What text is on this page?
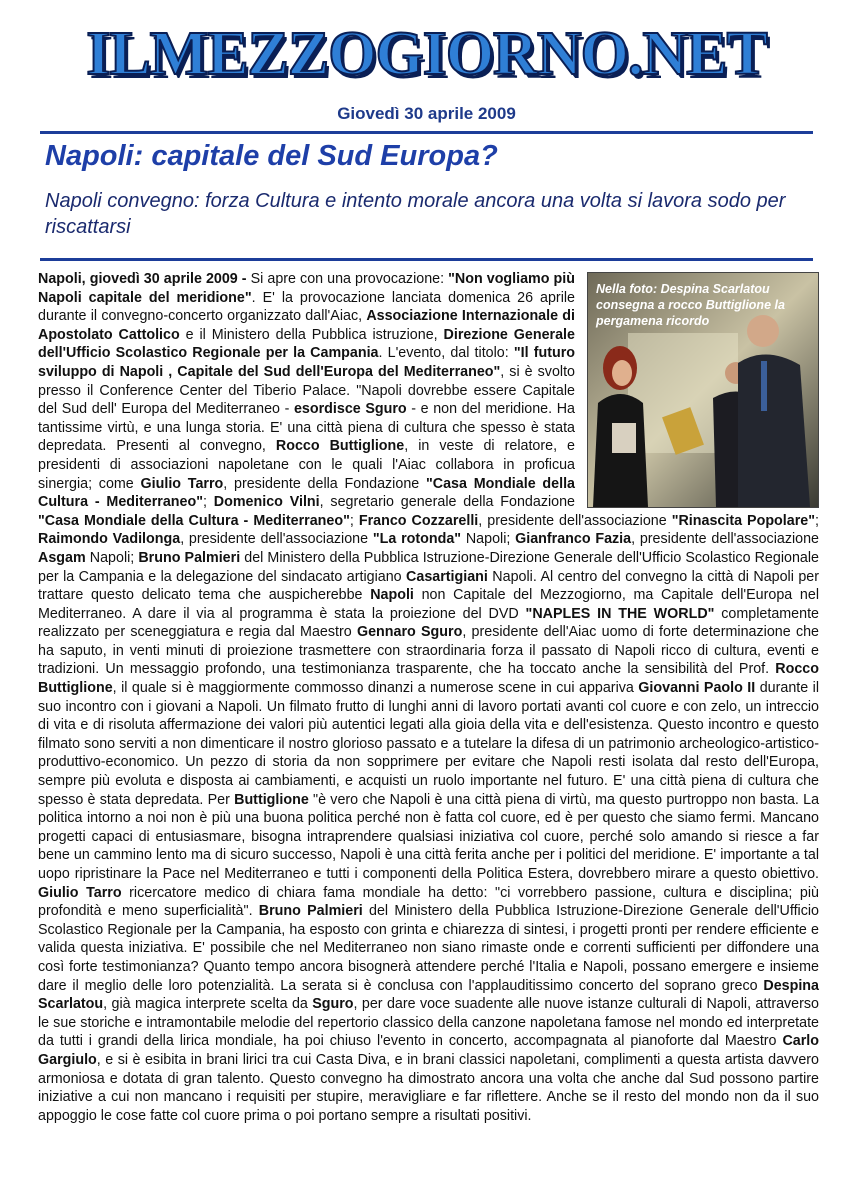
ILMEZZOGIORNO.NET
Giovedì 30 aprile 2009
Napoli: capitale del Sud Europa?

Napoli convegno: forza Cultura e intento morale ancora una volta si lavora sodo per riscattarsi

Nella foto: Despina Scarlatou consegna a rocco Buttiglione la pergamena ricordo

Napoli, giovedì 30 aprile 2009 - Si apre con una provocazione: "Non vogliamo più Napoli capitale del meridione". E' la provocazione lanciata domenica 26 aprile durante il convegno-concerto organizzato dall'Aiac, Associazione Internazionale di Apostolato Cattolico e il Ministero della Pubblica istruzione, Direzione Generale dell'Ufficio Scolastico Regionale per la Campania. L'evento, dal titolo: "Il futuro sviluppo di Napoli , Capitale del Sud dell'Europa del Mediterraneo", si è svolto presso il Conference Center del Tiberio Palace. "Napoli dovrebbe essere Capitale del Sud dell' Europa del Mediterraneo - esordisce Sguro - e non del meridione. Ha tantissime virtù, e una lunga storia. E' una città piena di cultura che spesso è stata depredata. Presenti al convegno, Rocco Buttiglione, in veste di relatore, e presidenti di associazioni napoletane con le quali l'Aiac collabora in proficua sinergia; come Giulio Tarro, presidente della Fondazione "Casa Mondiale della Cultura - Mediterraneo"; Domenico Vilni, segretario generale della Fondazione "Casa Mondiale della Cultura - Mediterraneo"; Franco Cozzarelli, presidente dell'associazione "Rinascita Popolare"; Raimondo Vadilonga, presidente dell'associazione "La rotonda" Napoli; Gianfranco Fazia, presidente dell'associazione Asgam Napoli; Bruno Palmieri del Ministero della Pubblica Istruzione-Direzione Generale dell'Ufficio Scolastico Regionale per la Campania e la delegazione del sindacato artigiano Casartigiani Napoli. Al centro del convegno la città di Napoli per trattare questo delicato tema che auspicherebbe Napoli non Capitale del Mezzogiorno, ma Capitale dell'Europa nel Mediterraneo. A dare il via al programma è stata la proiezione del DVD "NAPLES IN THE WORLD" completamente realizzato per sceneggiatura e regia dal Maestro Gennaro Sguro, presidente dell'Aiac uomo di forte determinazione che ha saputo, in venti minuti di proiezione trasmettere con straordinaria forza il passato di Napoli ricco di cultura, eventi e tradizioni. Un messaggio profondo, una testimonianza trasparente, che ha toccato anche la sensibilità del Prof. Rocco Buttiglione, il quale si è maggiormente commosso dinanzi a numerose scene in cui appariva Giovanni Paolo II durante il suo incontro con i giovani a Napoli. Un filmato frutto di lunghi anni di lavoro portati avanti col cuore e con zelo, un intreccio di vita e di risoluta affermazione dei valori più autentici legati alla gioia della vita e dell'esistenza. Questo incontro e questo filmato sono serviti a non dimenticare il nostro glorioso passato e a tutelare la difesa di un patrimonio archeologico-artistico-produttivo-economico. Un pezzo di storia da non sopprimere per evitare che Napoli resti isolata dal resto dell'Europa, sempre più evoluta e disposta ai cambiamenti, e acquisti un ruolo importante nel futuro. E' una città piena di cultura che spesso è stata depredata. Per Buttiglione "è vero che Napoli è una città piena di virtù, ma questo purtroppo non basta. La politica intorno a noi non è più una buona politica perché non è fatta col cuore, ed è per questo che siamo fermi. Mancano progetti capaci di entusiasmare, bisogna intraprendere qualsiasi iniziativa col cuore, perché solo amando si riesce a far bene un cammino lento ma di sicuro successo, Napoli è una città ferita anche per i politici del meridione. E' importante a tal uopo ripristinare la Pace nel Mediterraneo e tutti i componenti della Politica Estera, dovrebbero mirare a questo obiettivo. Giulio Tarro ricercatore medico di chiara fama mondiale ha detto: "ci vorrebbero passione, cultura e disciplina; più profondità e meno superficialità". Bruno Palmieri del Ministero della Pubblica Istruzione-Direzione Generale dell'Ufficio Scolastico Regionale per la Campania, ha esposto con grinta e chiarezza di sintesi, i progetti pronti per rendere efficiente e valida questa iniziativa. E' possibile che nel Mediterraneo non siano rimaste onde e correnti sufficienti per diffondere una così forte testimonianza? Quanto tempo ancora bisognerà attendere perché l'Italia e Napoli, possano emergere e insieme dare il meglio delle loro potenzialità. La serata si è conclusa con l'applauditissimo concerto del soprano greco Despina Scarlatou, già magica interprete scelta da Sguro, per dare voce suadente alle nuove istanze culturali di Napoli, attraverso le sue storiche e intramontabile melodie del repertorio classico della canzone napoletana famose nel mondo ed interpretate da tutti i grandi della lirica mondiale, ha poi chiuso l'evento in concerto, accompagnata al pianoforte dal Maestro Carlo Gargiulo, e si è esibita in brani lirici tra cui Casta Diva, e in brani classici napoletani, complimenti a questa artista davvero armoniosa e dotata di gran talento. Questo convegno ha dimostrato ancora una volta che anche dal Sud possono partire iniziative a cui non mancano i requisiti per stupire, meravigliare e far riflettere. Anche se il resto del mondo non da il suo appoggio le cose fatte col cuore prima o poi portano sempre a risultati positivi.
